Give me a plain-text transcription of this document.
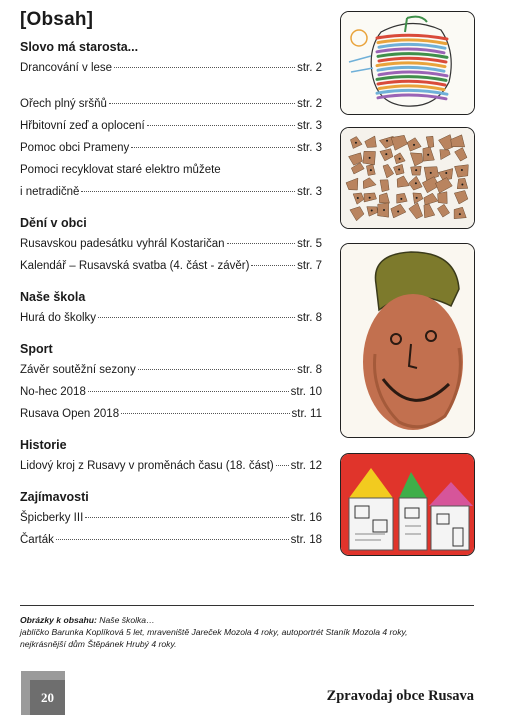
[Obsah]
Slovo má starosta...
Drancování v lese	str. 2
Ořech plný sršňů	str. 2
Hřbitovní zeď a oplocení	str. 3
Pomoc obci Prameny	str. 3
Pomoci recyklovat staré elektro můžete
i netradičně	str. 3
Dění v obci
Rusavskou padesátku vyhrál Kostaričan	str. 5
Kalendář – Rusavská svatba (4. část - závěr)	str. 7
Naše škola
Hurá do školky	str. 8
Sport
Závěr soutěžní sezony	str. 8
No-hec 2018	str. 10
Rusava Open 2018	str. 11
Historie
Lidový kroj z Rusavy v proměnách času (18. část) str. 12
Zajímavosti
Špicberky III	str. 16
Čarták	str. 18
Obrázky k obsahu: Naše školka…
jablíčko Barunka Koplíková 5 let, mraveniště Jareček Mozola 4 roky, autoportrét Staník Mozola 4 roky,
nejkrásnější dům Štěpánek Hrubý 4 roky.
20	Zpravodaj obce Rusava
